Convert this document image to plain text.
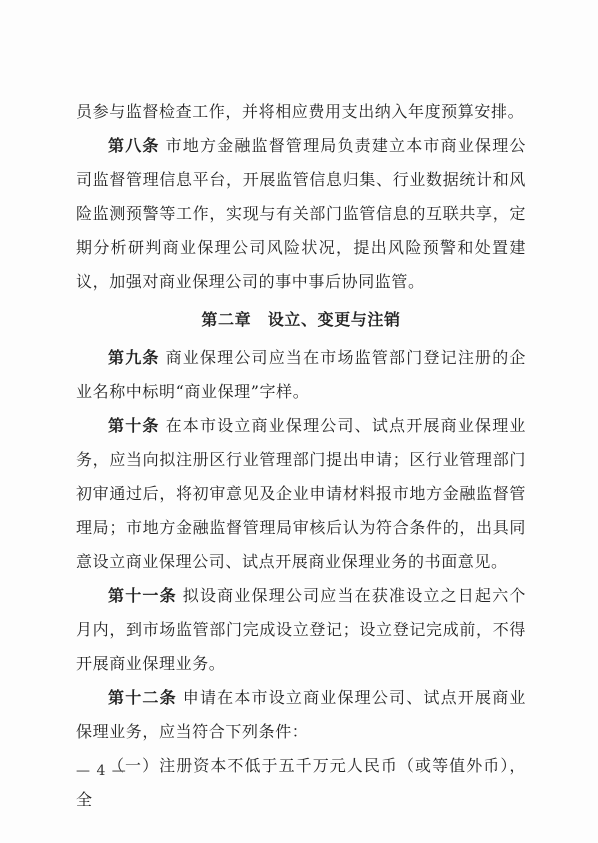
员参与监督检查工作，并将相应费用支出纳入年度预算安排。

第八条 市地方金融监督管理局负责建立本市商业保理公司监督管理信息平台，开展监管信息归集、行业数据统计和风险监测预警等工作，实现与有关部门监管信息的互联共享，定期分析研判商业保理公司风险状况，提出风险预警和处置建议，加强对商业保理公司的事中事后协同监管。

第二章　设立、变更与注销

第九条 商业保理公司应当在市场监管部门登记注册的企业名称中标明“商业保理”字样。

第十条 在本市设立商业保理公司、试点开展商业保理业务，应当向拟注册区行业管理部门提出申请；区行业管理部门初审通过后，将初审意见及企业申请材料报市地方金融监督管理局；市地方金融监督管理局审核后认为符合条件的，出具同意设立商业保理公司、试点开展商业保理业务的书面意见。

第十一条 拟设商业保理公司应当在获准设立之日起六个月内，到市场监管部门完成设立登记；设立登记完成前，不得开展商业保理业务。

第十二条 申请在本市设立商业保理公司、试点开展商业保理业务，应当符合下列条件：

（一）注册资本不低于五千万元人民币（或等值外币），全

— 4 —
